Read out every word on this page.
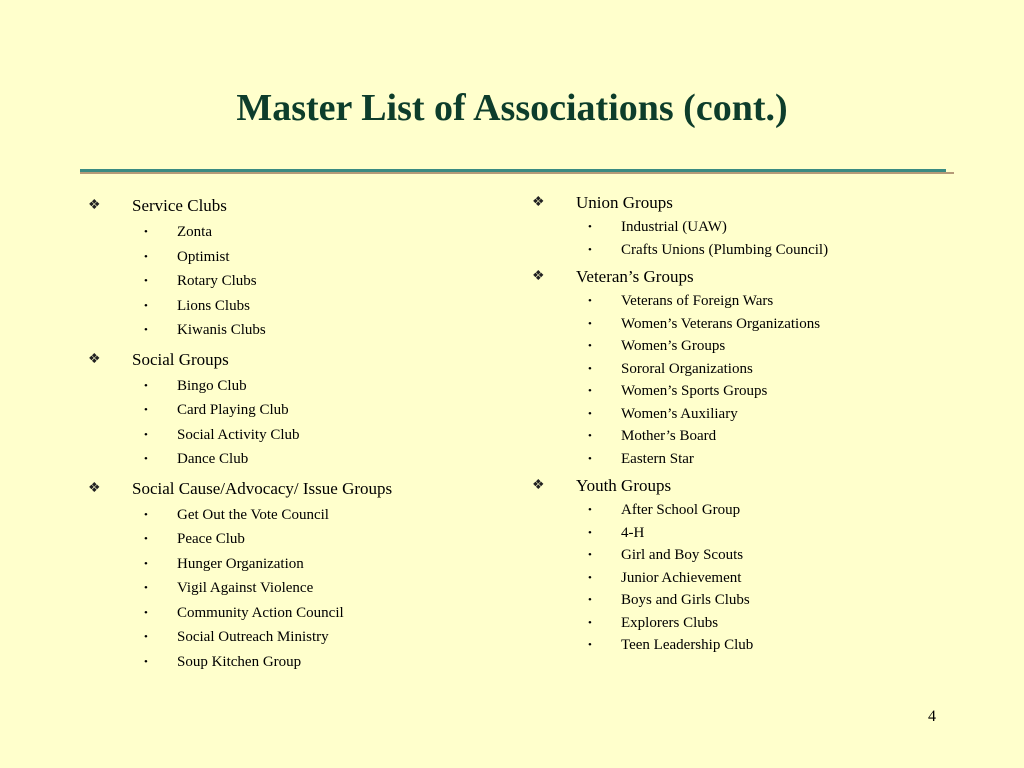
Master List of Associations (cont.)
❖ Service Clubs
• Zonta
• Optimist
• Rotary Clubs
• Lions Clubs
• Kiwanis Clubs
❖ Social Groups
• Bingo Club
• Card Playing Club
• Social Activity Club
• Dance Club
❖ Social Cause/Advocacy/ Issue Groups
• Get Out the Vote Council
• Peace Club
• Hunger Organization
• Vigil Against Violence
• Community Action Council
• Social Outreach Ministry
• Soup Kitchen Group
❖ Union Groups
• Industrial (UAW)
• Crafts Unions (Plumbing Council)
❖ Veteran’s Groups
• Veterans of Foreign Wars
• Women’s Veterans Organizations
• Women’s Groups
• Sororal Organizations
• Women’s Sports Groups
• Women’s Auxiliary
• Mother’s Board
• Eastern Star
❖ Youth Groups
• After School Group
• 4-H
• Girl and Boy Scouts
• Junior Achievement
• Boys and Girls Clubs
• Explorers Clubs
• Teen Leadership Club
4
